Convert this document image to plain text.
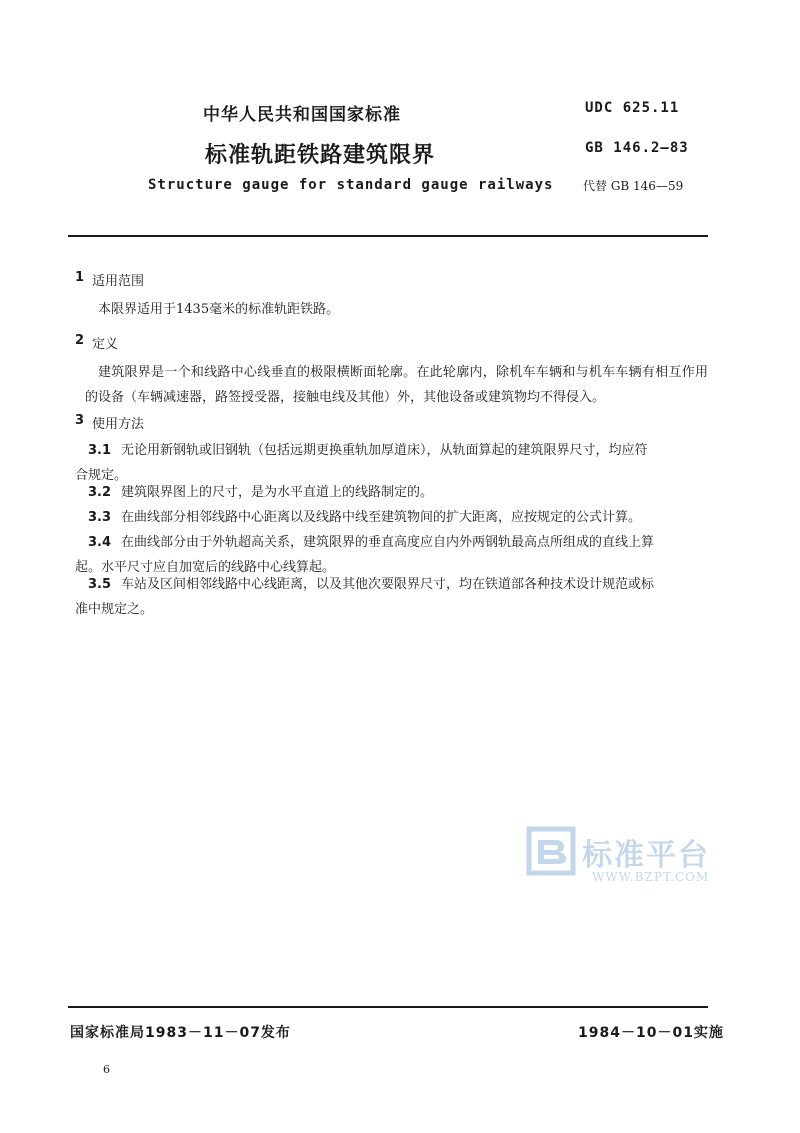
中华人民共和国国家标准
标准轨距铁路建筑限界
Structure gauge for standard gauge railways
UDC 625.11
GB 146.2—83
代替 GB 146—59
1 适用范围
本限界适用于1435毫米的标准轨距铁路。
2 定义
建筑限界是一个和线路中心线垂直的极限横断面轮廓。在此轮廓内，除机车车辆和与机车车辆有相互作用的设备（车辆减速器，路签授受器，接触电线及其他）外，其他设备或建筑物均不得侵入。
3 使用方法
3.1 无论用新钢轨或旧钢轨（包括远期更换重轨加厚道床），从轨面算起的建筑限界尺寸，均应符
合规定。
3.2 建筑限界图上的尺寸，是为水平直道上的线路制定的。
3.3 在曲线部分相邻线路中心距离以及线路中线至建筑物间的扩大距离，应按规定的公式计算。
3.4 在曲线部分由于外轨超高关系，建筑限界的垂直高度应自内外两钢轨最高点所组成的直线上算
起。水平尺寸应自加宽后的线路中心线算起。
3.5 车站及区间相邻线路中心线距离，以及其他次要限界尺寸，均在铁道部各种技术设计规范或标
准中规定之。
标准平台
WWW.BZPT.COM
国家标准局1983－11－07发布	1984－10－01实施
6
